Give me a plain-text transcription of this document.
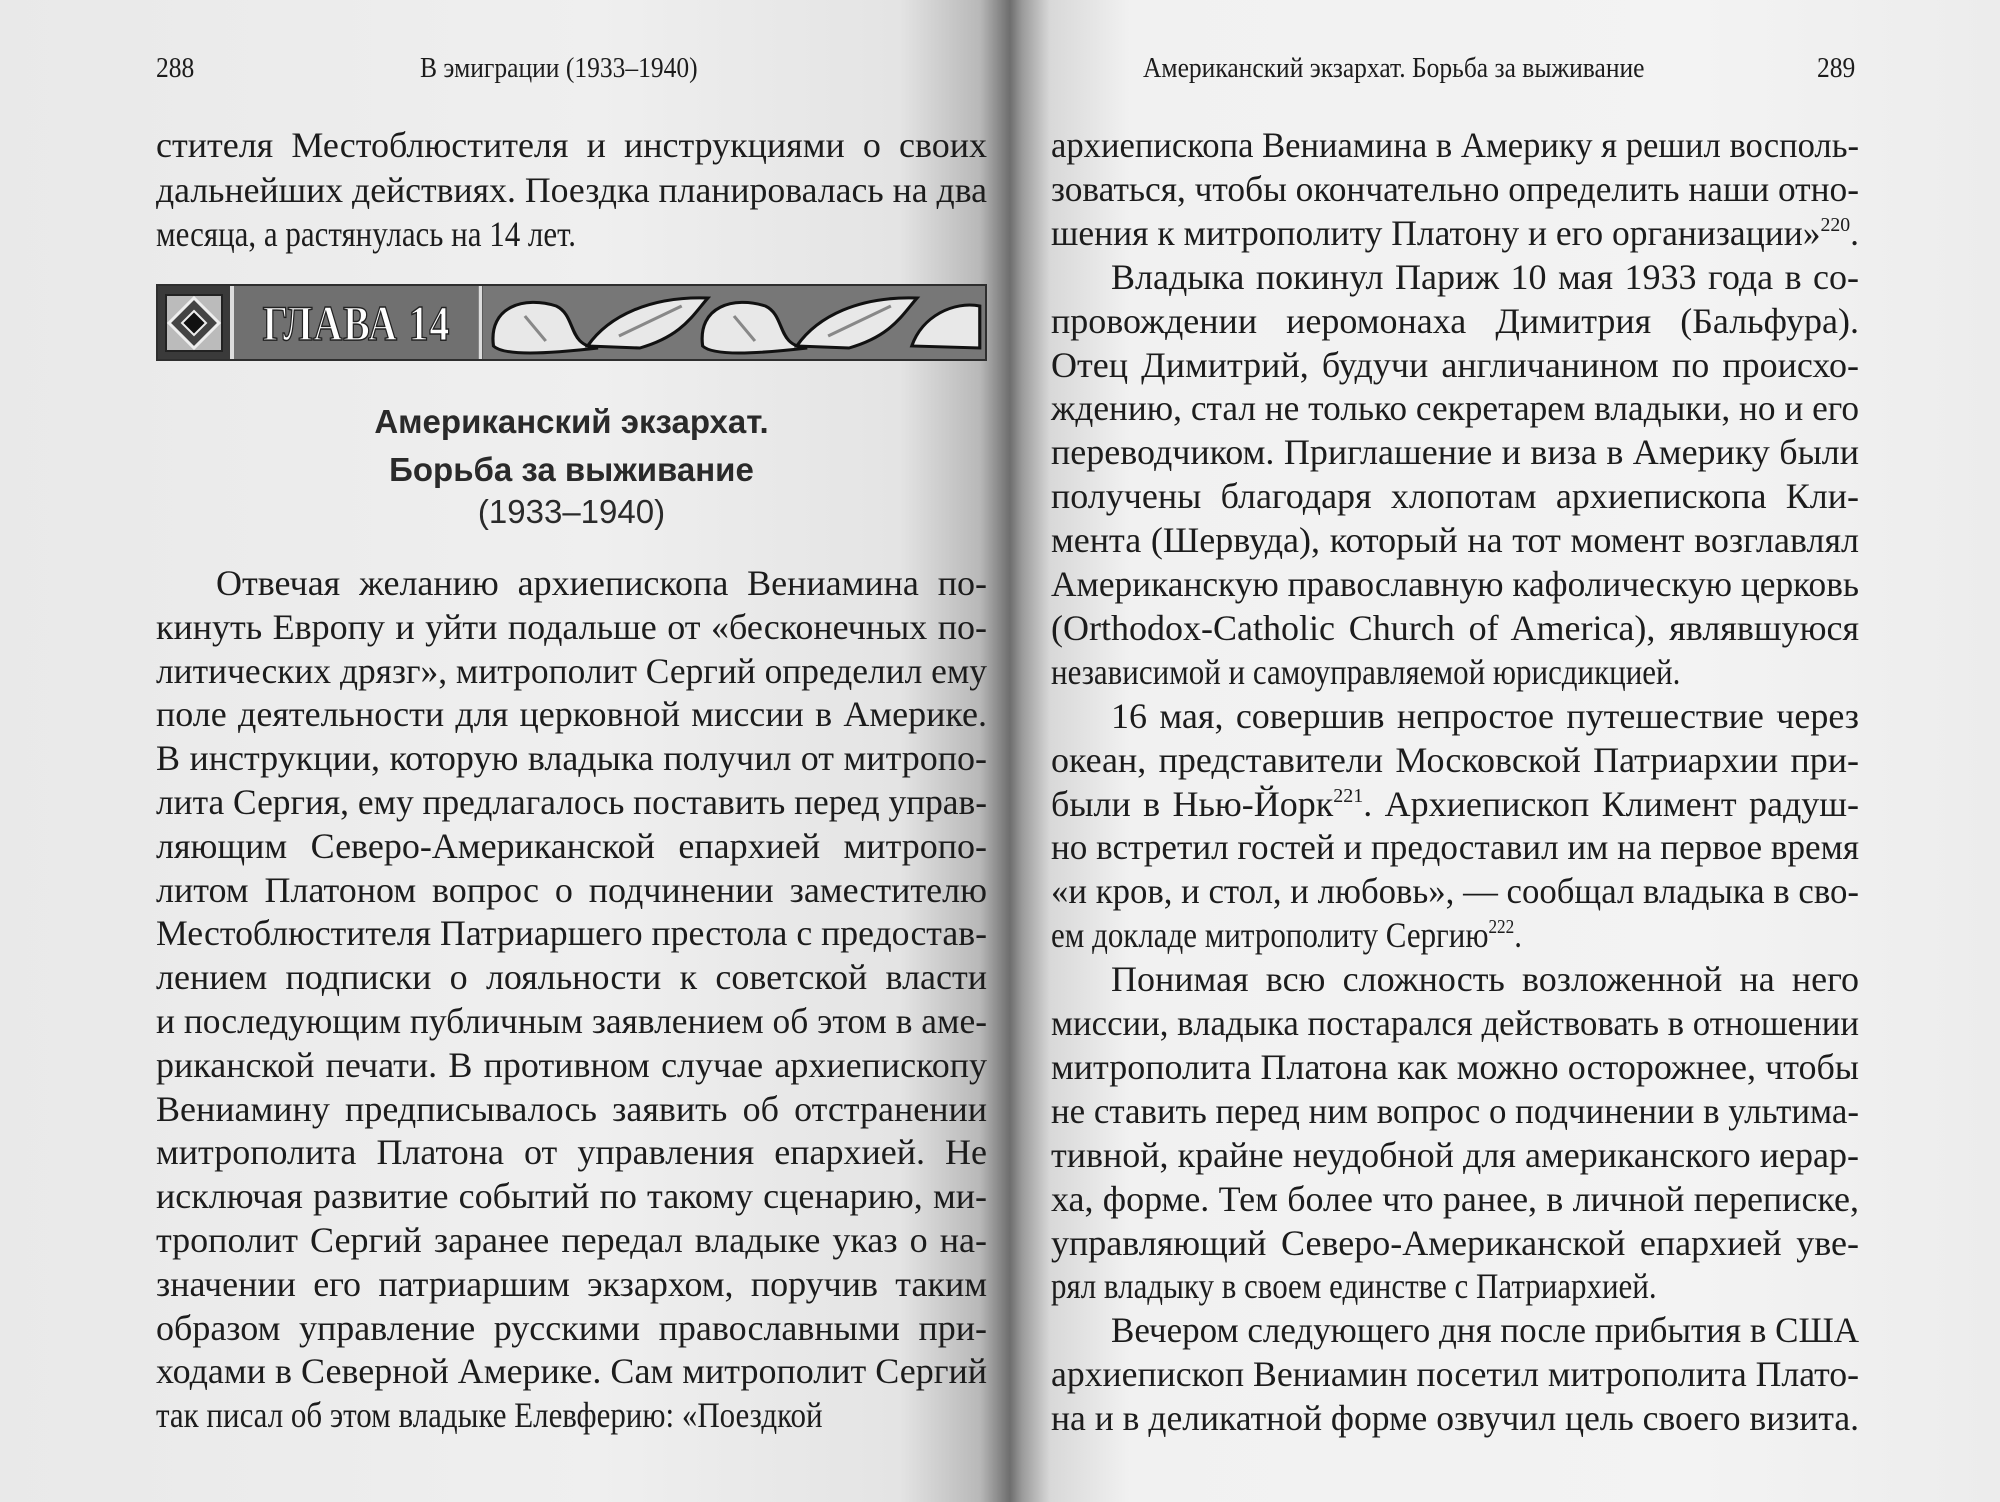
288	В эмиграции (1933–1940)
стителя Местоблюстителя и инструкциями о своих
дальнейших действиях. Поездка планировалась на два
месяца, а растянулась на 14 лет.
ГЛАВА 14
Американский экзархат.
Борьба за выживание
(1933–1940)
Отвечая желанию архиепископа Вениамина по-
кинуть Европу и уйти подальше от «бесконечных по-
литических дрязг», митрополит Сергий определил ему
поле деятельности для церковной миссии в Америке.
В инструкции, которую владыка получил от митропо-
лита Сергия, ему предлагалось поставить перед управ-
ляющим Северо-Американской епархией митропо-
литом Платоном вопрос о подчинении заместителю
Местоблюстителя Патриаршего престола с предостав-
лением подписки о лояльности к советской власти
и последующим публичным заявлением об этом в аме-
риканской печати. В противном случае архиепископу
Вениамину предписывалось заявить об отстранении
митрополита Платона от управления епархией. Не
исключая развитие событий по такому сценарию, ми-
трополит Сергий заранее передал владыке указ о на-
значении его патриаршим экзархом, поручив таким
образом управление русскими православными при-
ходами в Северной Америке. Сам митрополит Сергий
так писал об этом владыке Елевферию: «Поездкой
Американский экзархат. Борьба за выживание	289
архиепископа Вениамина в Америку я решил восполь-
зоваться, чтобы окончательно определить наши отно-
шения к митрополиту Платону и его организации»$^{220}$.
Владыка покинул Париж 10 мая 1933 года в со-
провождении иеромонаха Димитрия (Бальфура).
Отец Димитрий, будучи англичанином по происхо-
ждению, стал не только секретарем владыки, но и его
переводчиком. Приглашение и виза в Америку были
получены благодаря хлопотам архиепископа Кли-
мента (Шервуда), который на тот момент возглавлял
Американскую православную кафолическую церковь
(Orthodox-Catholic Church of America), являвшуюся
независимой и самоуправляемой юрисдикцией.
16 мая, совершив непростое путешествие через
океан, представители Московской Патриархии при-
были в Нью-Йорк$^{221}$. Архиепископ Климент радуш-
но встретил гостей и предоставил им на первое время
«и кров, и стол, и любовь», — сообщал владыка в сво-
ем докладе митрополиту Сергию$^{222}$.
Понимая всю сложность возложенной на него
миссии, владыка постарался действовать в отношении
митрополита Платона как можно осторожнее, чтобы
не ставить перед ним вопрос о подчинении в ультима-
тивной, крайне неудобной для американского иерар-
ха, форме. Тем более что ранее, в личной переписке,
управляющий Северо-Американской епархией уве-
рял владыку в своем единстве с Патриархией.
Вечером следующего дня после прибытия в США
архиепископ Вениамин посетил митрополита Плато-
на и в деликатной форме озвучил цель своего визита.
